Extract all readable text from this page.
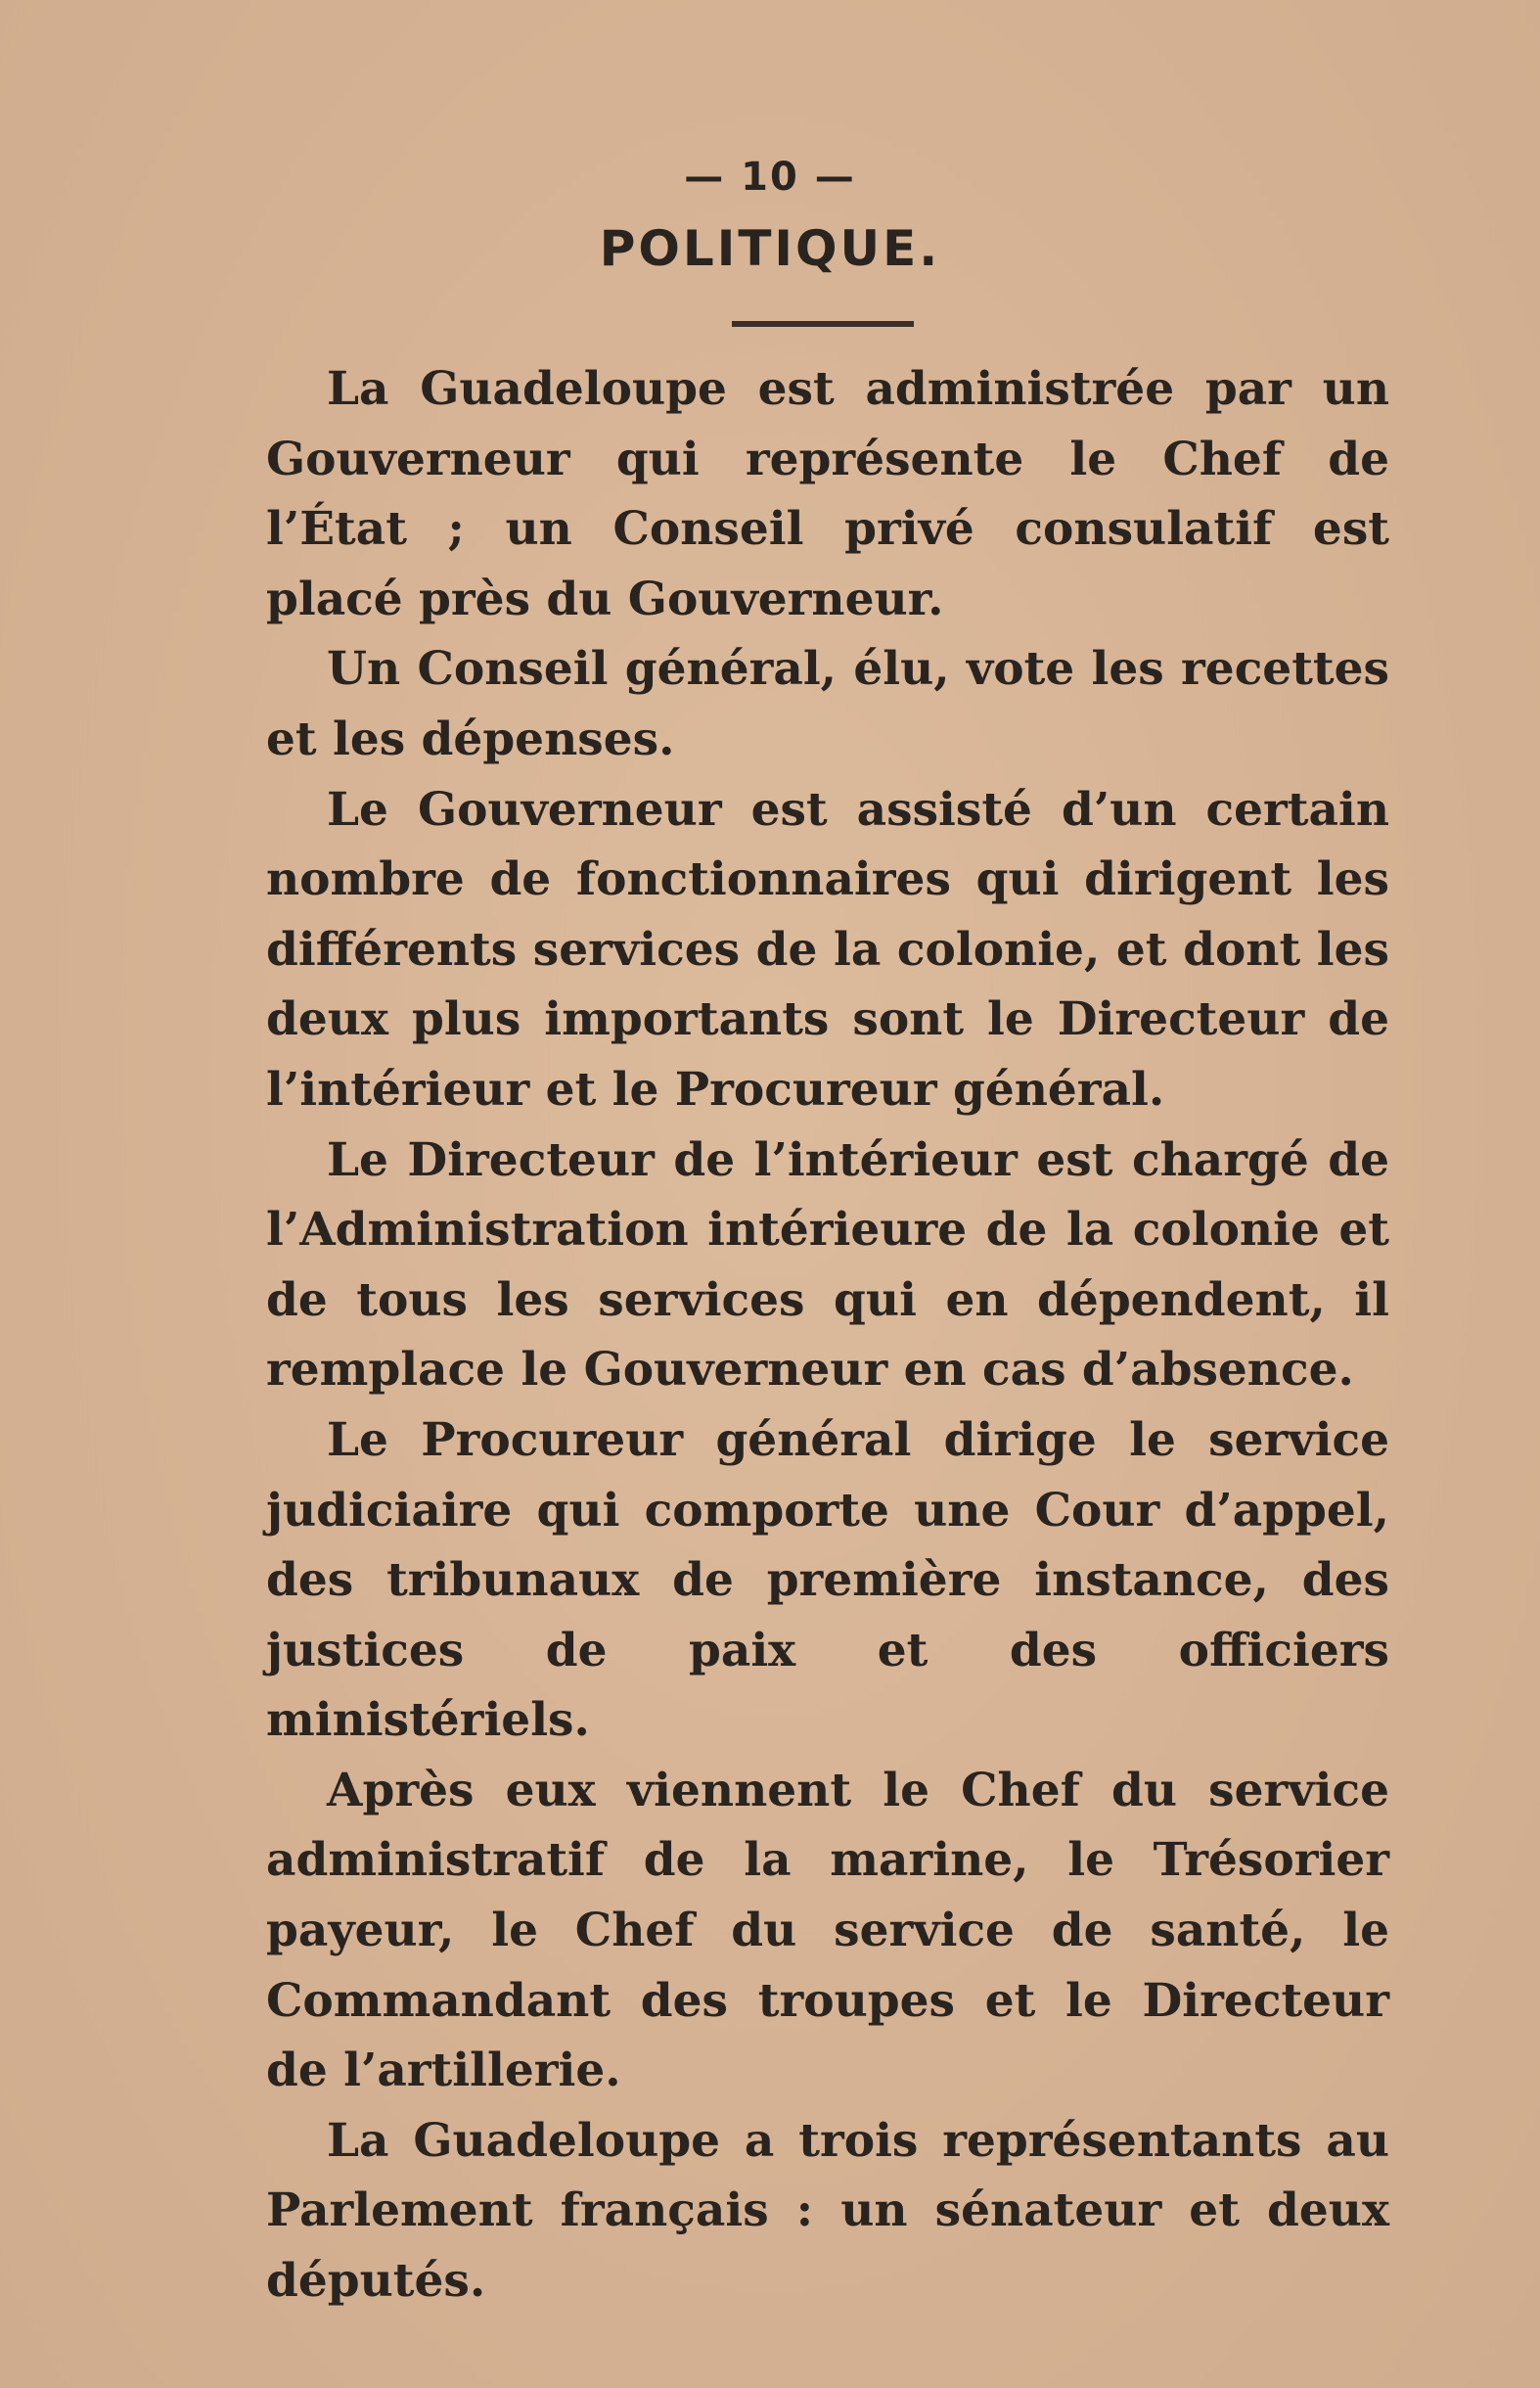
— 10 —
POLITIQUE.

La Guadeloupe est administrée par un Gouverneur qui représente le Chef de l’État ; un Conseil privé consulatif est placé près du Gouverneur.

Un Conseil général, élu, vote les recettes et les dépenses.

Le Gouverneur est assisté d’un certain nombre de fonctionnaires qui dirigent les différents services de la colonie, et dont les deux plus importants sont le Directeur de l’intérieur et le Procureur général.

Le Directeur de l’intérieur est chargé de l’Administration intérieure de la colonie et de tous les services qui en dépendent, il remplace le Gouverneur en cas d’absence.

Le Procureur général dirige le service judiciaire qui comporte une Cour d’appel, des tribunaux de première instance, des justices de paix et des officiers ministériels.

Après eux viennent le Chef du service administratif de la marine, le Trésorier payeur, le Chef du service de santé, le Commandant des troupes et le Directeur de l’artillerie.

La Guadeloupe a trois représentants au Parlement français : un sénateur et deux députés.
